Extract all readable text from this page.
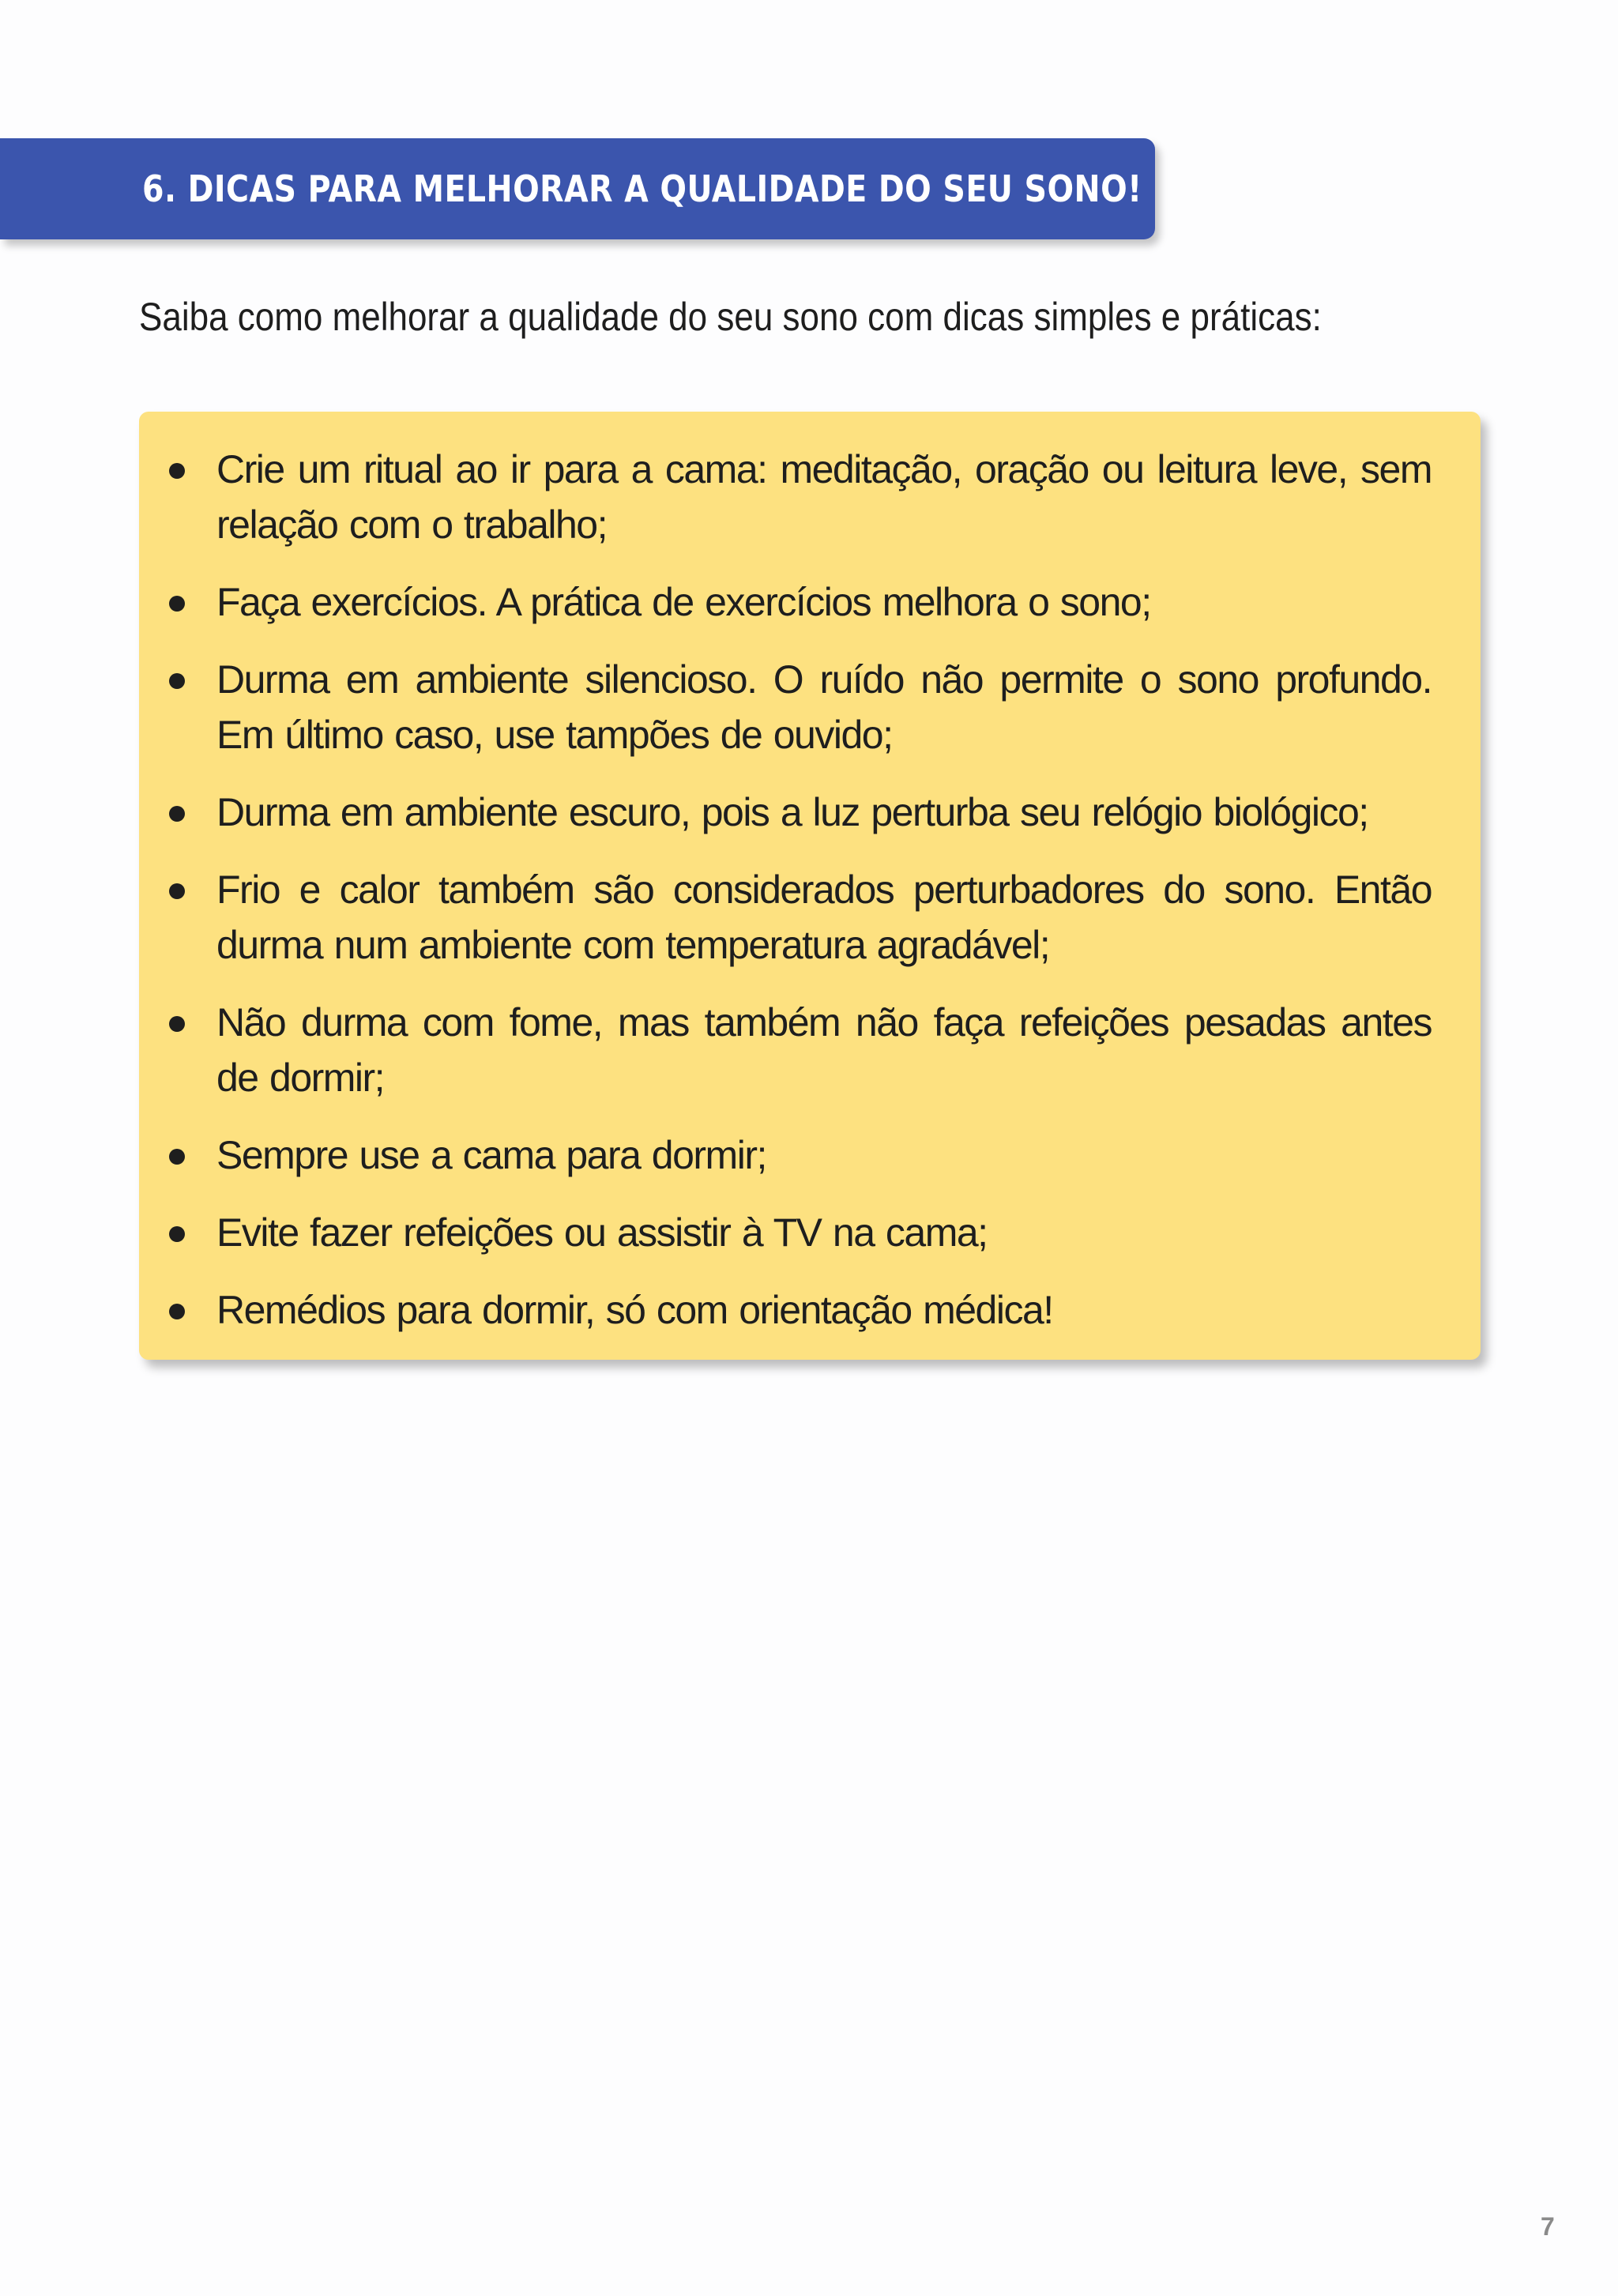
6. DICAS PARA MELHORAR A QUALIDADE DO SEU SONO!
Saiba como melhorar a qualidade do seu sono com dicas simples e práticas:
Crie um ritual ao ir para a cama: meditação, oração ou leitura leve, sem relação com o trabalho;
Faça exercícios. A prática de exercícios melhora o sono;
Durma em ambiente silencioso. O ruído não permite o sono profundo. Em último caso, use tampões de ouvido;
Durma em ambiente escuro, pois a luz perturba seu relógio biológico;
Frio e calor também são considerados perturbadores do sono. Então durma num ambiente com temperatura agradável;
Não durma com fome, mas também não faça refeições pesadas antes de dormir;
Sempre use a cama para dormir;
Evite fazer refeições ou assistir à TV na cama;
Remédios para dormir, só com orientação médica!
7
